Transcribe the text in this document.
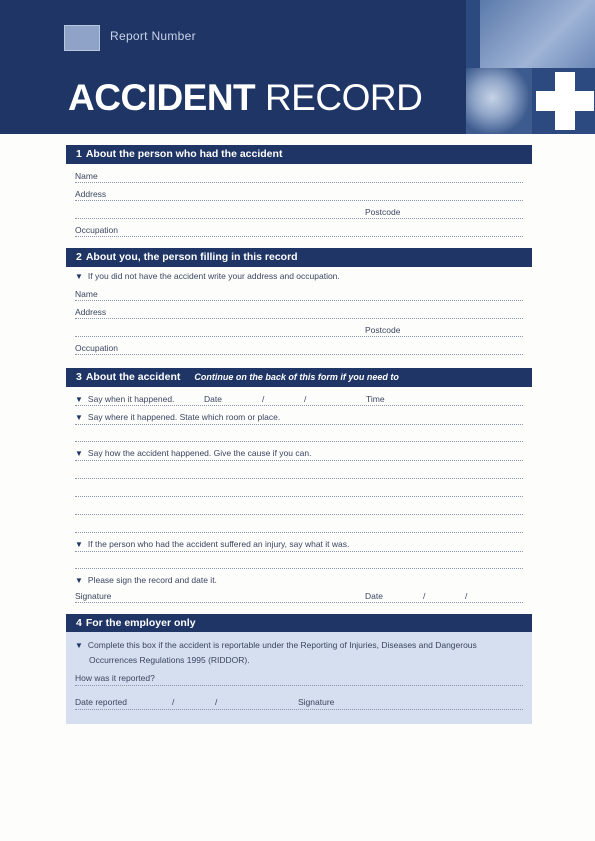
Report Number
ACCIDENT RECORD
1 About the person who had the accident
Name
Address
Postcode
Occupation
2 About you, the person filling in this record
▼ If you did not have the accident write your address and occupation.
Name
Address
Postcode
Occupation
3 About the accident Continue on the back of this form if you need to
▼ Say when it happened.	Date	/	/	Time
▼ Say where it happened. State which room or place.
▼ Say how the accident happened. Give the cause if you can.
▼ If the person who had the accident suffered an injury, say what it was.
▼ Please sign the record and date it.
Signature	Date	/	/
4 For the employer only
▼ Complete this box if the accident is reportable under the Reporting of Injuries, Diseases and Dangerous
Occurrences Regulations 1995 (RIDDOR).
How was it reported?
Date reported	/	/	Signature
